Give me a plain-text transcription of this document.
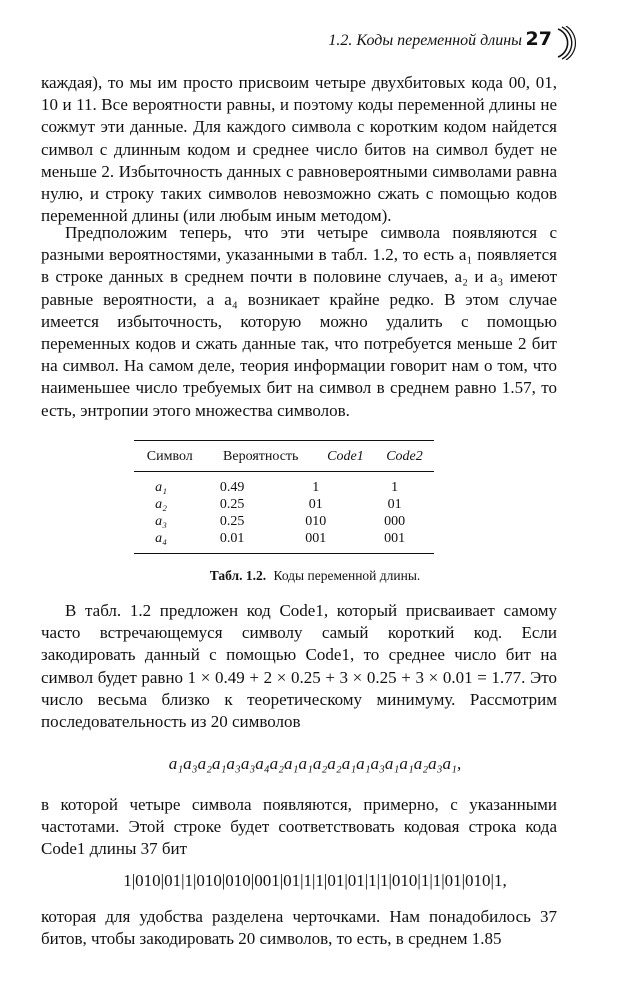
1.2. Коды переменной длины 27
каждая), то мы им просто присвоим четыре двухбитовых кода 00, 01, 10 и 11. Все вероятности равны, и поэтому коды переменной длины не сожмут эти данные. Для каждого символа с коротким кодом найдется символ с длинным кодом и среднее число битов на символ будет не меньше 2. Избыточность данных с равновероятными символами равна нулю, и строку таких символов невозможно сжать с помощью кодов переменной длины (или любым иным методом).
Предположим теперь, что эти четыре символа появляются с разными вероятностями, указанными в табл. 1.2, то есть a₁ появляется в строке данных в среднем почти в половине случаев, a₂ и a₃ имеют равные вероятности, а a₄ возникает крайне редко. В этом случае имеется избыточность, которую можно удалить с помощью переменных кодов и сжать данные так, что потребуется меньше 2 бит на символ. На самом деле, теория информации говорит нам о том, что наименьшее число требуемых бит на символ в среднем равно 1.57, то есть, энтропии этого множества символов.
Символ	Вероятность	Code1	Code2
a₁	0.49	1	1
a₂	0.25	01	01
a₃	0.25	010	000
a₄	0.01	001	001
Табл. 1.2. Коды переменной длины.
В табл. 1.2 предложен код Code1, который присваивает самому часто встречающемуся символу самый короткий код. Если закодировать данный с помощью Code1, то среднее число бит на символ будет равно 1 × 0.49 + 2 × 0.25 + 3 × 0.25 + 3 × 0.01 = 1.77. Это число весьма близко к теоретическому минимуму. Рассмотрим последовательность из 20 символов
a₁a₃a₂a₁a₃a₃a₄a₂a₁a₁a₂a₂a₁a₁a₃a₁a₁a₂a₃a₁,
в которой четыре символа появляются, примерно, с указанными частотами. Этой строке будет соответствовать кодовая строка кода Code1 длины 37 бит
1|010|01|1|010|010|001|01|1|1|01|01|1|1|010|1|1|01|010|1,
которая для удобства разделена черточками. Нам понадобилось 37 битов, чтобы закодировать 20 символов, то есть, в среднем 1.85
